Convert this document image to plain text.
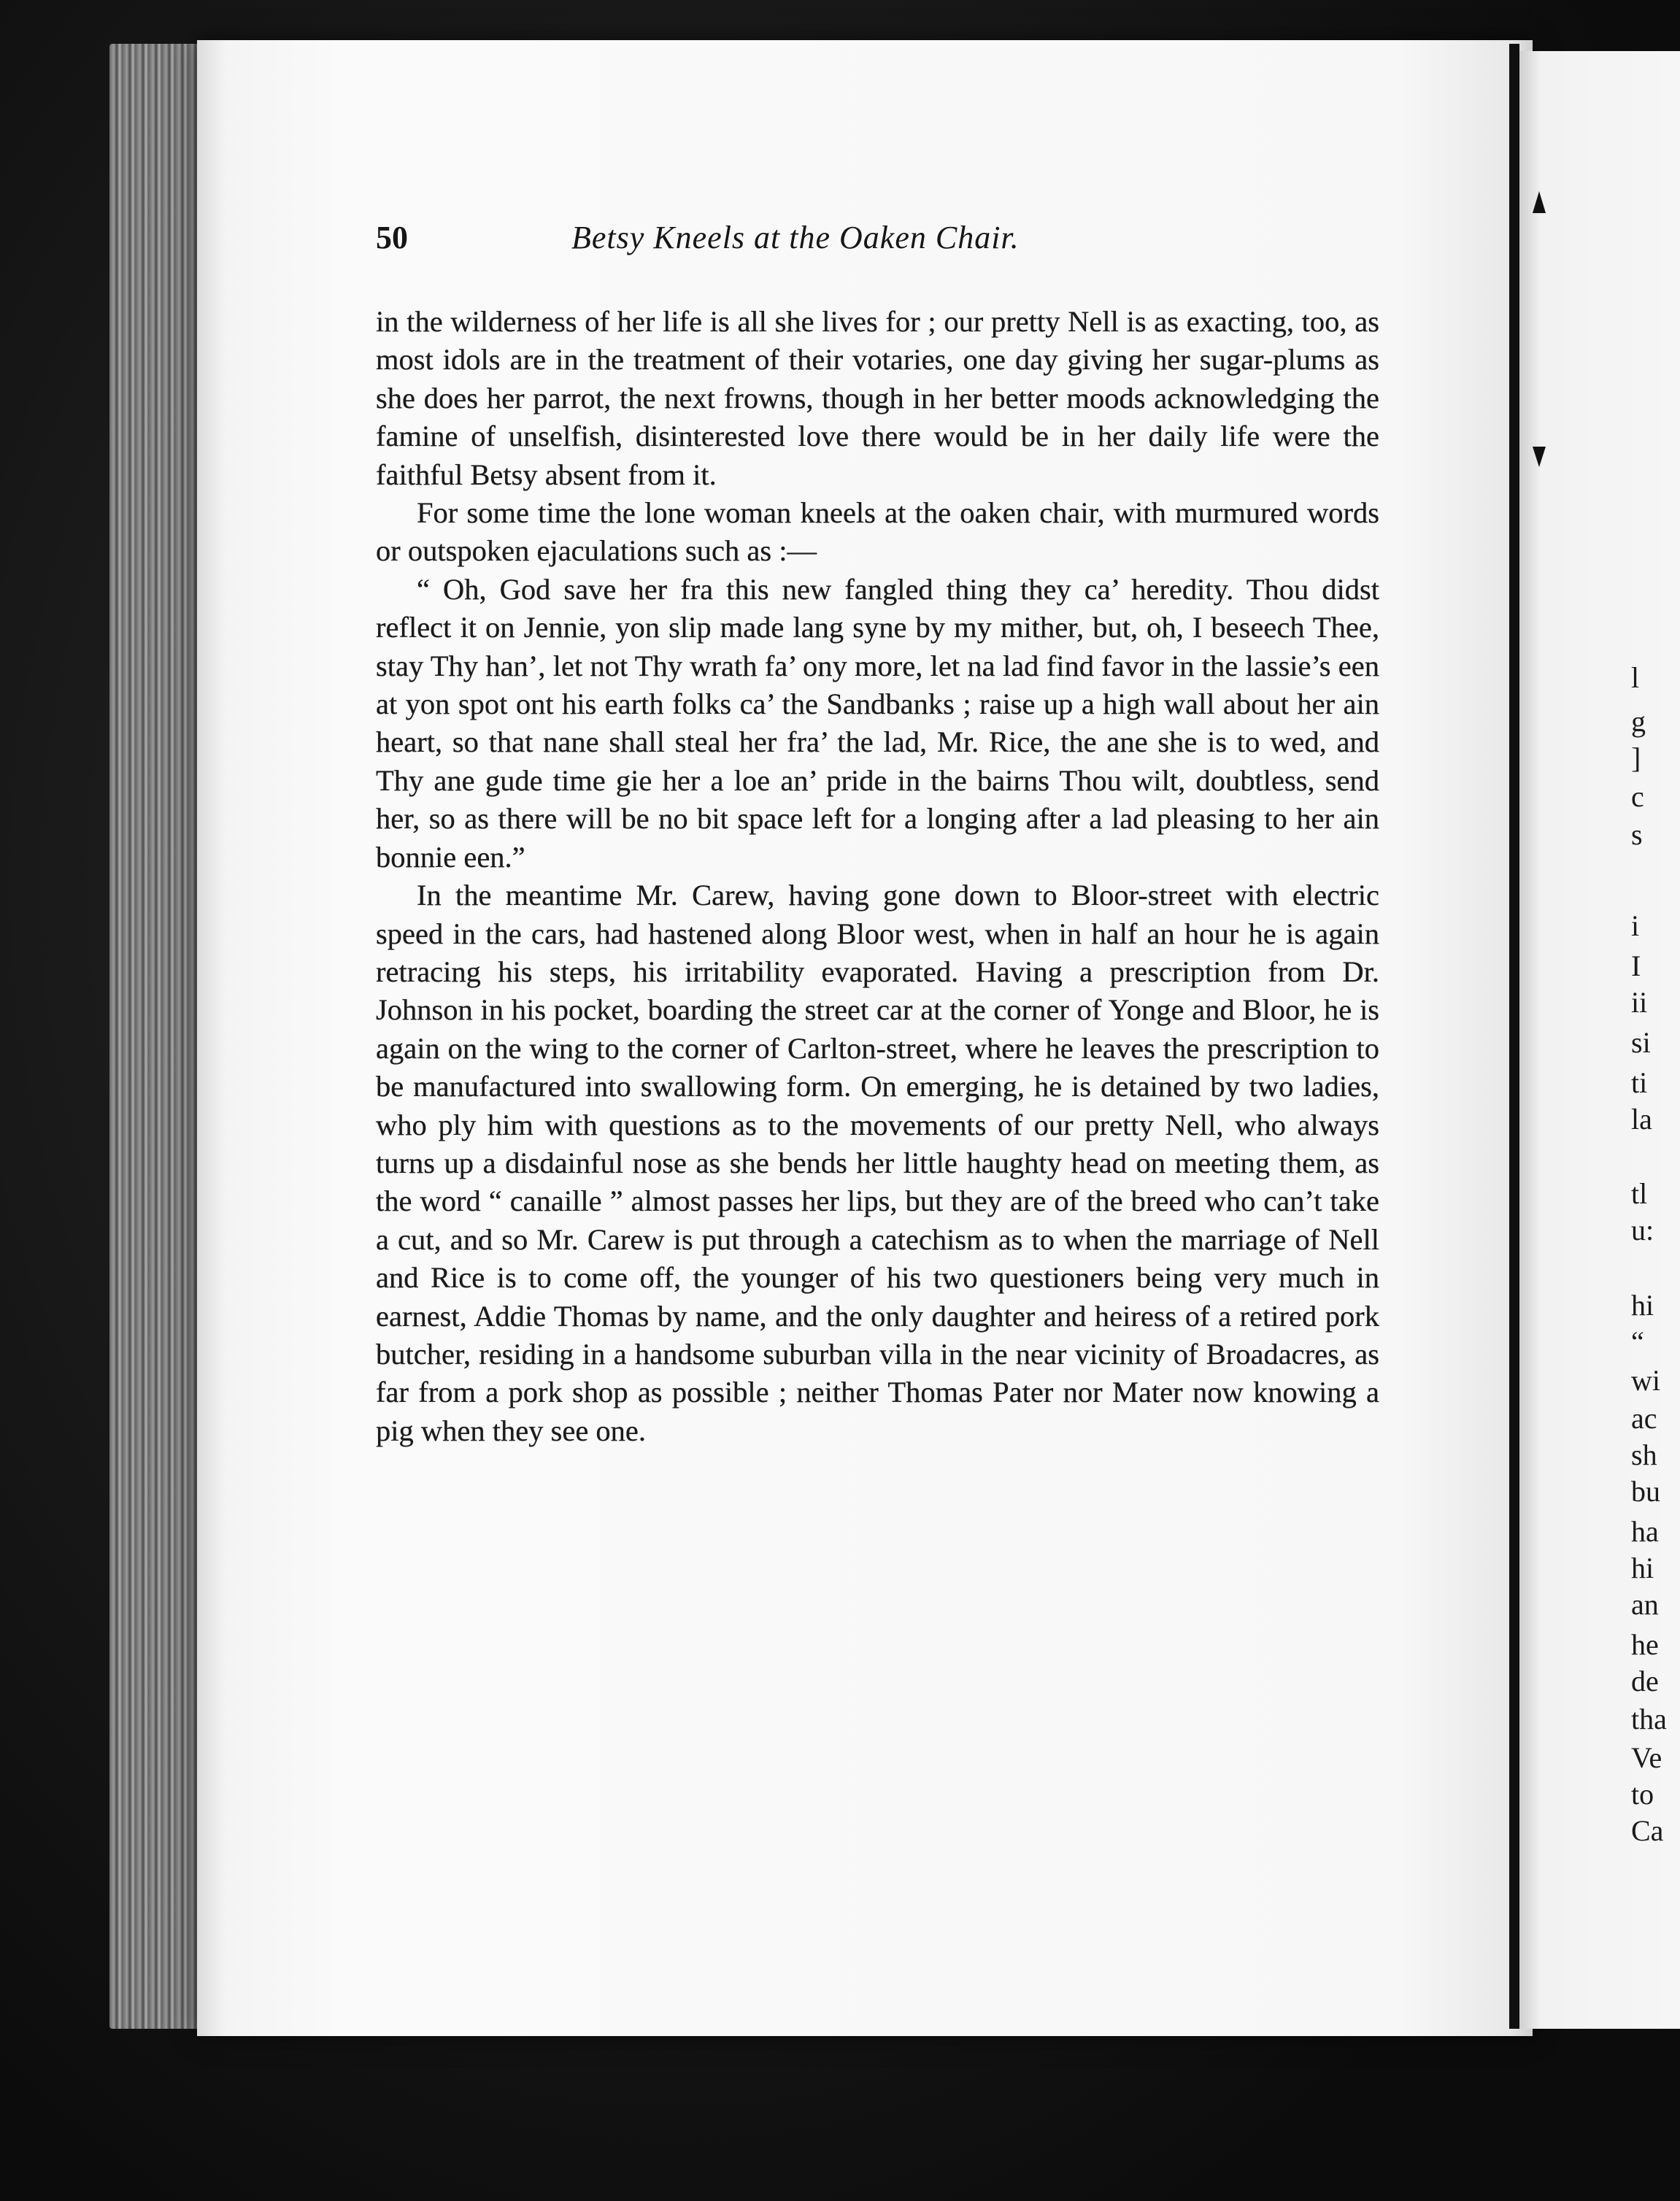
50	Betsy Kneels at the Oaken Chair.

in the wilderness of her life is all she lives for ; our pretty Nell is as exacting, too, as most idols are in the treatment of their votaries, one day giving her sugar-plums as she does her parrot, the next frowns, though in her better moods acknowledging the famine of unselfish, disinterested love there would be in her daily life were the faithful Betsy absent from it.

For some time the lone woman kneels at the oaken chair, with murmured words or outspoken ejaculations such as :—

“ Oh, God save her fra this new fangled thing they ca’ heredity. Thou didst reflect it on Jennie, yon slip made lang syne by my mither, but, oh, I beseech Thee, stay Thy han’, let not Thy wrath fa’ ony more, let na lad find favor in the lassie’s een at yon spot ont his earth folks ca’ the Sandbanks ; raise up a high wall about her ain heart, so that nane shall steal her fra’ the lad, Mr. Rice, the ane she is to wed, and Thy ane gude time gie her a loe an’ pride in the bairns Thou wilt, doubtless, send her, so as there will be no bit space left for a longing after a lad pleasing to her ain bonnie een.”

In the meantime Mr. Carew, having gone down to Bloor-street with electric speed in the cars, had hastened along Bloor west, when in half an hour he is again retracing his steps, his irritability evaporated. Having a prescription from Dr. Johnson in his pocket, boarding the street car at the corner of Yonge and Bloor, he is again on the wing to the corner of Carlton-street, where he leaves the prescription to be manufactured into swallowing form. On emerging, he is detained by two ladies, who ply him with questions as to the movements of our pretty Nell, who always turns up a disdainful nose as she bends her little haughty head on meeting them, as the word “ canaille ” almost passes her lips, but they are of the breed who can’t take a cut, and so Mr. Carew is put through a catechism as to when the marriage of Nell and Rice is to come off, the younger of his two questioners being very much in earnest, Addie Thomas by name, and the only daughter and heiress of a retired pork butcher, residing in a handsome suburban villa in the near vicinity of Broadacres, as far from a pork shop as possible ; neither Thomas Pater nor Mater now knowing a pig when they see one.

l
g
]
c
s
i
I
ii
si
ti
la
tl
u:
hi
“
wi
ac
sh
bu
ha
hi
an
he
de
tha
Ve
to
Ca
